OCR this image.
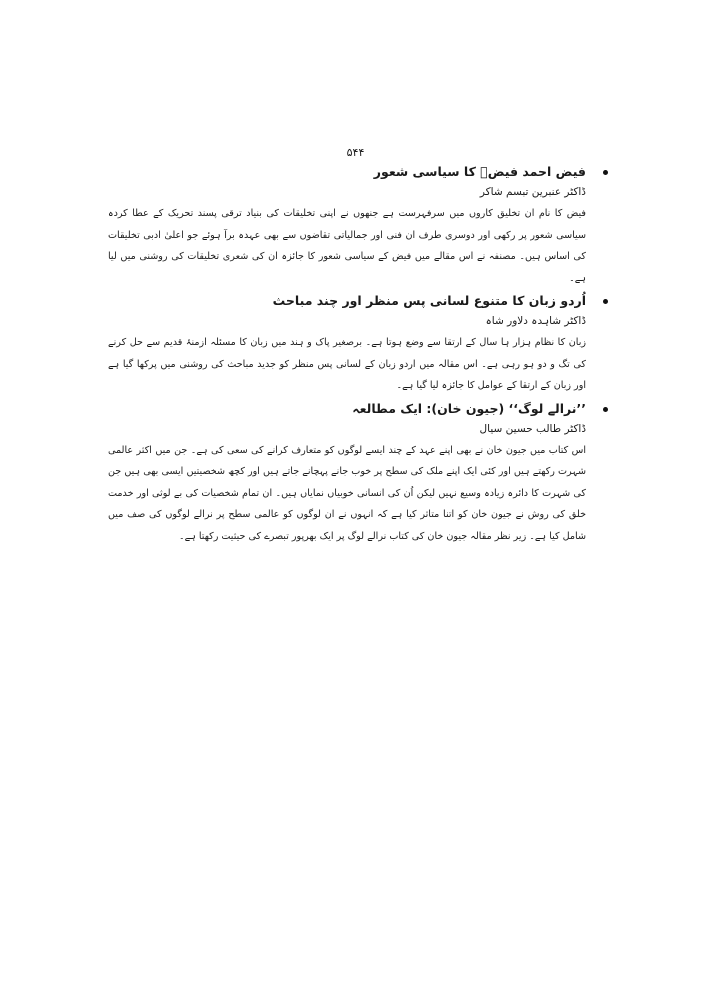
۵۴۴
فیض احمد فیضؔ کا سیاسی شعور
ڈاکٹر عنبرین تبسم شاکر

فیض کا نام ان تخلیق کاروں میں سرفہرست ہے جنھوں نے اپنی تخلیقات کی بنیاد ترقی پسند تحریک کے عطا کردہ سیاسی شعور پر رکھی اور دوسری طرف ان فنی اور جمالیاتی تقاضوں سے بھی عہدہ برآ ہوئے جو اعلیٰ ادبی تخلیقات کی اساس ہیں۔ مصنفہ نے اس مقالے میں فیض کے سیاسی شعور کا جائزہ ان کی شعری تخلیقات کی روشنی میں لیا ہے۔

اُردو زبان کا متنوع لسانی پس منظر اور چند مباحث
ڈاکٹر شاہدہ دلاور شاہ

زبان کا نظام ہزار ہا سال کے ارتقا سے وضع ہوتا ہے۔ برصغیر پاک و ہند میں زبان کا مسئلہ ازمنۂ قدیم سے حل کرنے کی تگ و دو ہو رہی ہے۔ اس مقالہ میں اردو زبان کے لسانی پس منظر کو جدید مباحث کی روشنی میں پرکھا گیا ہے اور زبان کے ارتقا کے عوامل کا جائزہ لیا گیا ہے۔

’’نرالے لوگ‘‘ (جیون خان): ایک مطالعہ
ڈاکٹر طالب حسین سیال

اس کتاب میں جیون خان نے بھی اپنے عہد کے چند ایسے لوگوں کو متعارف کرانے کی سعی کی ہے۔ جن میں اکثر عالمی شہرت رکھتے ہیں اور کئی ایک اپنے ملک کی سطح پر خوب جانے پہچانے جاتے ہیں اور کچھ شخصیتیں ایسی بھی ہیں جن کی شہرت کا دائرہ زیادہ وسیع نہیں لیکن اُن کی انسانی خوبیاں نمایاں ہیں۔ ان تمام شخصیات کی بے لوثی اور خدمت خلق کی روش نے جیون خان کو اتنا متاثر کیا ہے کہ انہوں نے ان لوگوں کو عالمی سطح پر نرالے لوگوں کی صف میں شامل کیا ہے۔ زیر نظر مقالہ جیون خان کی کتاب نرالے لوگ پر ایک بھرپور تبصرے کی حیثیت رکھتا ہے۔
